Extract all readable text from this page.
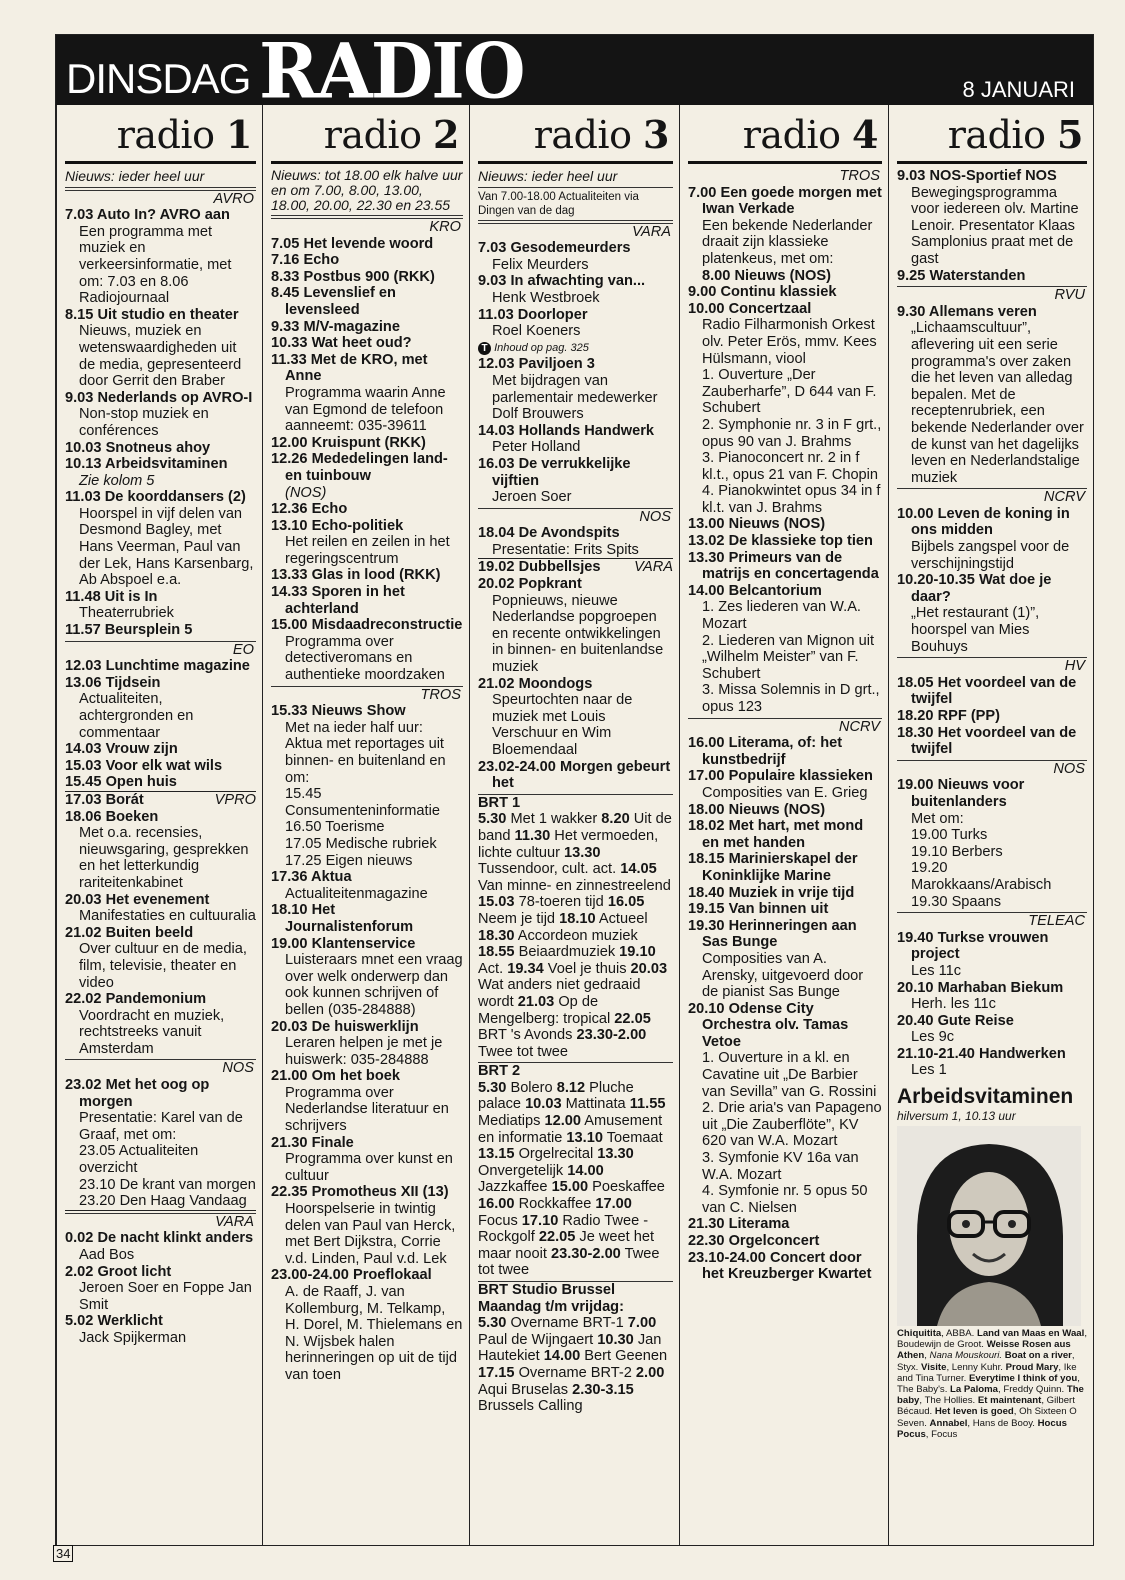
DINSDAG RADIO	8 JANUARI
radio 1
Nieuws: ieder heel uur
AVRO
7.03 Auto In? AVRO aan
Een programma met muziek en verkeersinformatie, met om: 7.03 en 8.06 Radiojournaal
8.15 Uit studio en theater
Nieuws, muziek en wetenswaardigheden uit de media, gepresenteerd door Gerrit den Braber
9.03 Nederlands op AVRO-I
Non-stop muziek en conférences
10.03 Snotneus ahoy
10.13 Arbeidsvitaminen
Zie kolom 5
11.03 De koorddansers (2)
Hoorspel in vijf delen van Desmond Bagley, met Hans Veerman, Paul van der Lek, Hans Karsenbarg, Ab Abspoel e.a.
11.48 Uit is In
Theaterrubriek
11.57 Beursplein 5
EO
12.03 Lunchtime magazine
13.06 Tijdsein
Actualiteiten, achtergronden en commentaar
14.03 Vrouw zijn
15.03 Voor elk wat wils
15.45 Open huis
17.03 Borát	VPRO
18.06 Boeken
Met o.a. recensies, nieuwsgaring, gesprekken en het letterkundig rariteitenkabinet
20.03 Het evenement
Manifestaties en cultuuralia
21.02 Buiten beeld
Over cultuur en de media, film, televisie, theater en video
22.02 Pandemonium
Voordracht en muziek, rechtstreeks vanuit Amsterdam
NOS
23.02 Met het oog op morgen
Presentatie: Karel van de Graaf, met om:
23.05 Actualiteiten overzicht
23.10 De krant van morgen
23.20 Den Haag Vandaag
VARA
0.02 De nacht klinkt anders
Aad Bos
2.02 Groot licht
Jeroen Soer en Foppe Jan Smit
5.02 Werklicht
Jack Spijkerman
radio 2
Nieuws: tot 18.00 elk halve uur en om 7.00, 8.00, 13.00, 18.00, 20.00, 22.30 en 23.55
KRO
7.05 Het levende woord
7.16 Echo
8.33 Postbus 900 (RKK)
8.45 Levenslief en levensleed
9.33 M/V-magazine
10.33 Wat heet oud?
11.33 Met de KRO, met Anne
Programma waarin Anne van Egmond de telefoon aanneemt: 035-39611
12.00 Kruispunt (RKK)
12.26 Mededelingen land- en tuinbouw
(NOS)
12.36 Echo
13.10 Echo-politiek
Het reilen en zeilen in het regeringscentrum
13.33 Glas in lood (RKK)
14.33 Sporen in het achterland
15.00 Misdaadreconstructie
Programma over detectiveromans en authentieke moordzaken
TROS
15.33 Nieuws Show
Met na ieder half uur: Aktua met reportages uit binnen- en buitenland en om:
15.45 Consumenteninformatie
16.50 Toerisme
17.05 Medische rubriek
17.25 Eigen nieuws
17.36 Aktua
Actualiteitenmagazine
18.10 Het Journalistenforum
19.00 Klantenservice
Luisteraars mnet een vraag over welk onderwerp dan ook kunnen schrijven of bellen (035-284888)
20.03 De huiswerklijn
Leraren helpen je met je huiswerk: 035-284888
21.00 Om het boek
Programma over Nederlandse literatuur en schrijvers
21.30 Finale
Programma over kunst en cultuur
22.35 Promotheus XII (13)
Hoorspelserie in twintig delen van Paul van Herck, met Bert Dijkstra, Corrie v.d. Linden, Paul v.d. Lek
23.00-24.00 Proeflokaal
A. de Raaff, J. van Kollemburg, M. Telkamp, H. Dorel, M. Thielemans en N. Wijsbek halen herinneringen op uit de tijd van toen
radio 3
Nieuws: ieder heel uur
Van 7.00-18.00 Actualiteiten via Dingen van de dag
VARA
7.03 Gesodemeurders
Felix Meurders
9.03 In afwachting van...
Henk Westbroek
11.03 Doorloper
Roel Koeners
T Inhoud op pag. 325
12.03 Paviljoen 3
Met bijdragen van parlementair medewerker Dolf Brouwers
14.03 Hollands Handwerk
Peter Holland
16.03 De verrukkelijke vijftien
Jeroen Soer
NOS
18.04 De Avondspits
Presentatie: Frits Spits
19.02 Dubbellsjes VARA
20.02 Popkrant
Popnieuws, nieuwe Nederlandse popgroepen en recente ontwikkelingen in binnen- en buitenlandse muziek
21.02 Moondogs
Speurtochten naar de muziek met Louis Verschuur en Wim Bloemendaal
23.02-24.00 Morgen gebeurt het
BRT 1
5.30 Met 1 wakker 8.20 Uit de band 11.30 Het vermoeden, lichte cultuur 13.30 Tussendoor, cult. act. 14.05 Van minne- en zinnestreelend 15.03 78-toeren tijd 16.05 Neem je tijd 18.10 Actueel 18.30 Accordeon muziek 18.55 Beiaardmuziek 19.10 Act. 19.34 Voel je thuis 20.03 Wat anders niet gedraaid wordt 21.03 Op de Mengelberg: tropical 22.05 BRT 's Avonds 23.30-2.00 Twee tot twee
BRT 2
5.30 Bolero 8.12 Pluche palace 10.03 Mattinata 11.55 Mediatips 12.00 Amusement en informatie 13.10 Toemaat 13.15 Orgelrecital 13.30 Onvergetelijk 14.00 Jazzkaffee 15.00 Poeskaffee 16.00 Rockkaffee 17.00 Focus 17.10 Radio Twee - Rockgolf 22.05 Je weet het maar nooit 23.30-2.00 Twee tot twee
BRT Studio Brussel
Maandag t/m vrijdag:
5.30 Overname BRT-1 7.00 Paul de Wijngaert 10.30 Jan Hautekiet 14.00 Bert Geenen 17.15 Overname BRT-2 2.00 Aqui Bruselas 2.30-3.15 Brussels Calling
radio 4
TROS
7.00 Een goede morgen met Iwan Verkade
Een bekende Nederlander draait zijn klassieke platenkeus, met om:
8.00 Nieuws (NOS)
9.00 Continu klassiek
10.00 Concertzaal
Radio Filharmonish Orkest olv. Peter Erös, mmv. Kees Hülsmann, viool
1. Ouverture „Der Zauberharfe”, D 644 van F. Schubert
2. Symphonie nr. 3 in F grt., opus 90 van J. Brahms
3. Pianoconcert nr. 2 in f kl.t., opus 21 van F. Chopin
4. Pianokwintet opus 34 in f kl.t. van J. Brahms
13.00 Nieuws (NOS)
13.02 De klassieke top tien
13.30 Primeurs van de matrijs en concertagenda
14.00 Belcantorium
1. Zes liederen van W.A. Mozart
2. Liederen van Mignon uit „Wilhelm Meister” van F. Schubert
3. Missa Solemnis in D grt., opus 123
NCRV
16.00 Literama, of: het kunstbedrijf
17.00 Populaire klassieken
Composities van E. Grieg
18.00 Nieuws (NOS)
18.02 Met hart, met mond en met handen
18.15 Marinierskapel der Koninklijke Marine
18.40 Muziek in vrije tijd
19.15 Van binnen uit
19.30 Herinneringen aan Sas Bunge
Composities van A. Arensky, uitgevoerd door de pianist Sas Bunge
20.10 Odense City Orchestra olv. Tamas Vetoe
1. Ouverture in a kl. en Cavatine uit „De Barbier van Sevilla” van G. Rossini
2. Drie aria's van Papageno uit „Die Zauberflöte”, KV 620 van W.A. Mozart
3. Symfonie KV 16a van W.A. Mozart
4. Symfonie nr. 5 opus 50 van C. Nielsen
21.30 Literama
22.30 Orgelconcert
23.10-24.00 Concert door het Kreuzberger Kwartet
radio 5
9.03 NOS-Sportief NOS
Bewegingsprogramma voor iedereen olv. Martine Lenoir. Presentator Klaas Samplonius praat met de gast
9.25 Waterstanden
RVU
9.30 Allemans veren
„Lichaamscultuur”, aflevering uit een serie programma's over zaken die het leven van alledag bepalen. Met de receptenrubriek, een bekende Nederlander over de kunst van het dagelijks leven en Nederlandstalige muziek
NCRV
10.00 Leven de koning in ons midden
Bijbels zangspel voor de verschijningstijd
10.20-10.35 Wat doe je daar?
„Het restaurant (1)”, hoorspel van Mies Bouhuys
HV
18.05 Het voordeel van de twijfel
18.20 RPF (PP)
18.30 Het voordeel van de twijfel
NOS
19.00 Nieuws voor buitenlanders
Met om:
19.00 Turks
19.10 Berbers
19.20 Marokkaans/Arabisch
19.30 Spaans
TELEAC
19.40 Turkse vrouwen project
Les 11c
20.10 Marhaban Biekum
Herh. les 11c
20.40 Gute Reise
Les 9c
21.10-21.40 Handwerken
Les 1
Arbeidsvitaminen
hilversum 1, 10.13 uur
Chiquitita, ABBA. Land van Maas en Waal, Boudewijn de Groot. Weisse Rosen aus Athen, Nana Mouskouri. Boat on a river, Styx. Visite, Lenny Kuhr. Proud Mary, Ike and Tina Turner. Everytime I think of you, The Baby's. La Paloma, Freddy Quinn. The baby, The Hollies. Et maintenant, Gilbert Bécaud. Het leven is goed, Oh Sixteen O Seven. Annabel, Hans de Booy. Hocus Pocus, Focus
34
